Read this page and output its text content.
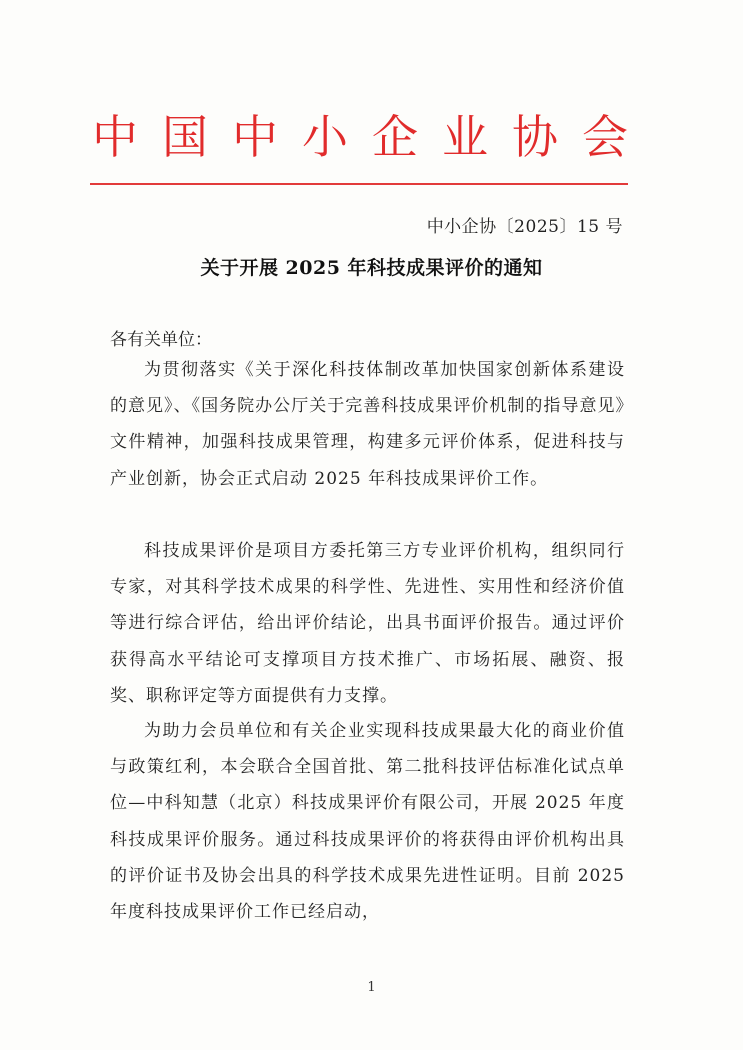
中 国 中 小 企 业 协 会
中小企协〔2025〕15 号
关于开展 2025 年科技成果评价的通知
各有关单位：

为贯彻落实《关于深化科技体制改革加快国家创新体系建设的意见》、《国务院办公厅关于完善科技成果评价机制的指导意见》文件精神，加强科技成果管理，构建多元评价体系，促进科技与产业创新，协会正式启动 2025 年科技成果评价工作。

科技成果评价是项目方委托第三方专业评价机构，组织同行专家，对其科学技术成果的科学性、先进性、实用性和经济价值等进行综合评估，给出评价结论，出具书面评价报告。通过评价获得高水平结论可支撑项目方技术推广、市场拓展、融资、报奖、职称评定等方面提供有力支撑。

为助力会员单位和有关企业实现科技成果最大化的商业价值与政策红利，本会联合全国首批、第二批科技评估标准化试点单位—中科知慧（北京）科技成果评价有限公司，开展 2025 年度科技成果评价服务。通过科技成果评价的将获得由评价机构出具的评价证书及协会出具的科学技术成果先进性证明。目前 2025 年度科技成果评价工作已经启动，

1
